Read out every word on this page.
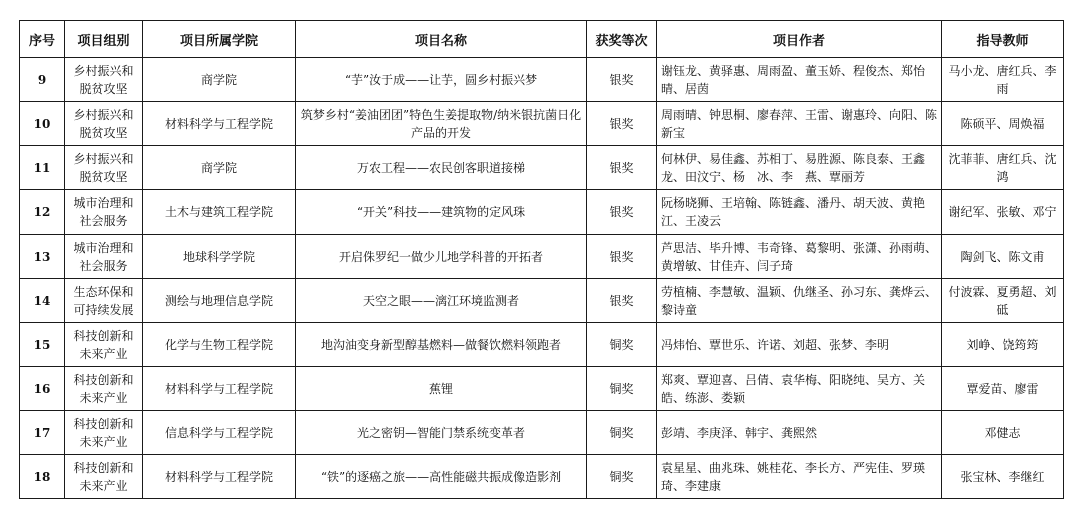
序号	项目组别	项目所属学院	项目名称	获奖等次	项目作者	指导教师
9	乡村振兴和脱贫攻坚	商学院	“芋”汝于成——让芋，圆乡村振兴梦	银奖	谢钰龙、黄驿惠、周雨盈、董玉娇、程俊杰、郑怡晴、居茵	马小龙、唐红兵、李雨
10	乡村振兴和脱贫攻坚	材料科学与工程学院	筑梦乡村“姜油团团”特色生姜提取物/纳米银抗菌日化产品的开发	银奖	周雨晴、钟思桐、廖春萍、王雷、谢惠玲、向阳、陈新宝	陈硕平、周焕福
11	乡村振兴和脱贫攻坚	商学院	万农工程——农民创客职道接梯	银奖	何林伊、易佳鑫、苏相丁、易胜源、陈良泰、王鑫龙、田汶宁、杨　冰、李　燕、覃丽芳	沈菲菲、唐红兵、沈鸿
12	城市治理和社会服务	土木与建筑工程学院	“开关”科技——建筑物的定风珠	银奖	阮杨晓狮、王培翰、陈链鑫、潘丹、胡天波、黄艳江、王凌云	谢纪军、张敏、邓宁
13	城市治理和社会服务	地球科学学院	开启侏罗纪一做少儿地学科普的开拓者	银奖	芦思洁、毕升博、韦奇锋、葛黎明、张潇、孙雨萌、黄增敏、甘佳卉、闫子琦	陶剑飞、陈文甫
14	生态环保和可持续发展	测绘与地理信息学院	天空之眼——漓江环境监测者	银奖	劳植楠、李慧敏、温颖、仇继圣、孙习东、龚烨云、黎诗童	付波霖、夏勇超、刘砥
15	科技创新和未来产业	化学与生物工程学院	地沟油变身新型醇基燃料—做餐饮燃料领跑者	铜奖	冯炜怡、覃世乐、许诺、刘超、张梦、李明	刘峥、饶筠筠
16	科技创新和未来产业	材料科学与工程学院	蕉锂	铜奖	郑爽、覃迎喜、吕倩、袁华梅、阳晓纯、吴方、关皓、练澎、娄颖	覃爱苗、廖雷
17	科技创新和未来产业	信息科学与工程学院	光之密钥—智能门禁系统变革者	铜奖	彭靖、李庚泽、韩宇、龚熙然	邓健志
18	科技创新和未来产业	材料科学与工程学院	“铁”的逐癌之旅——高性能磁共振成像造影剂	铜奖	袁星星、曲兆珠、姚桂花、李长方、严宪佳、罗瑛琦、李建康	张宝林、李继红
